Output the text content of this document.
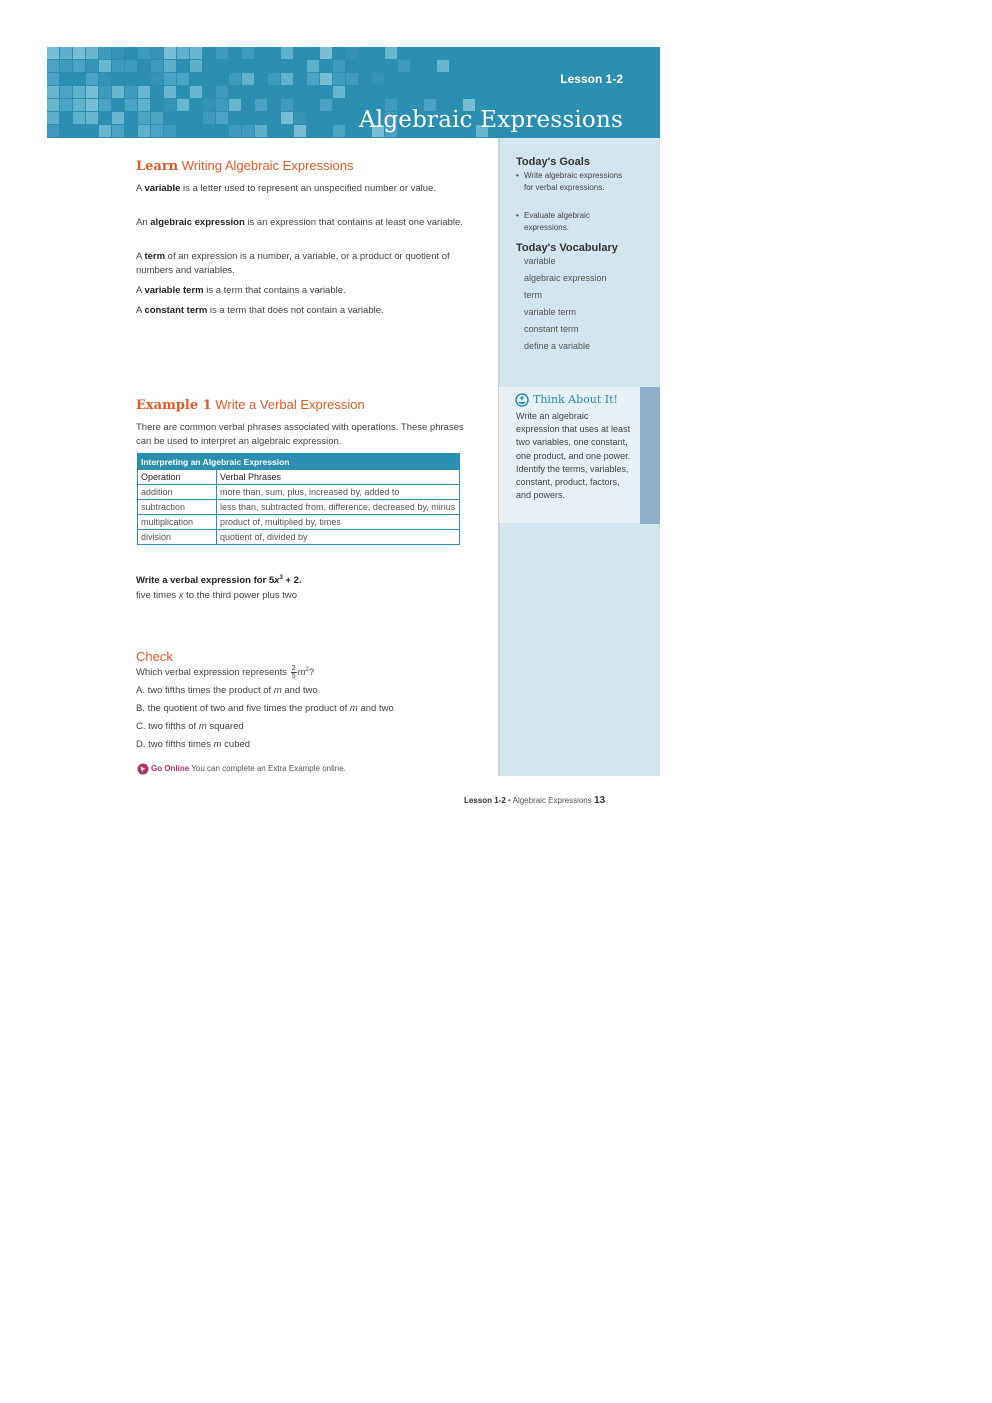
Lesson 1-2
Algebraic Expressions
Today's Goals
• Write algebraic expressions for verbal expressions.
• Evaluate algebraic expressions.
Today's Vocabulary
variable
algebraic expression
term
variable term
constant term
define a variable
Think About It!
Write an algebraic expression that uses at least two variables, one constant, one product, and one power. Identify the terms, variables, constant, product, factors, and powers.
Learn Writing Algebraic Expressions
A variable is a letter used to represent an unspecified number or value.
An algebraic expression is an expression that contains at least one variable.
A term of an expression is a number, a variable, or a product or quotient of numbers and variables.
A variable term is a term that contains a variable.
A constant term is a term that does not contain a variable.
Example 1 Write a Verbal Expression
There are common verbal phrases associated with operations. These phrases can be used to interpret an algebraic expression.
Interpreting an Algebraic Expression
Operation	Verbal Phrases
addition	more than, sum, plus, increased by, added to
subtraction	less than, subtracted from, difference, decreased by, minus
multiplication	product of, multiplied by, times
division	quotient of, divided by
Write a verbal expression for $5x^3 + 2$.
five times x to the third power plus two
Check
Which verbal expression represents $\frac{2}{5} m^2$?
A. two fifths times the product of m and two
B. the quotient of two and five times the product of m and two
C. two fifths of m squared
D. two fifths times m cubed
Go Online You can complete an Extra Example online.
Lesson 1-2 • Algebraic Expressions 13
